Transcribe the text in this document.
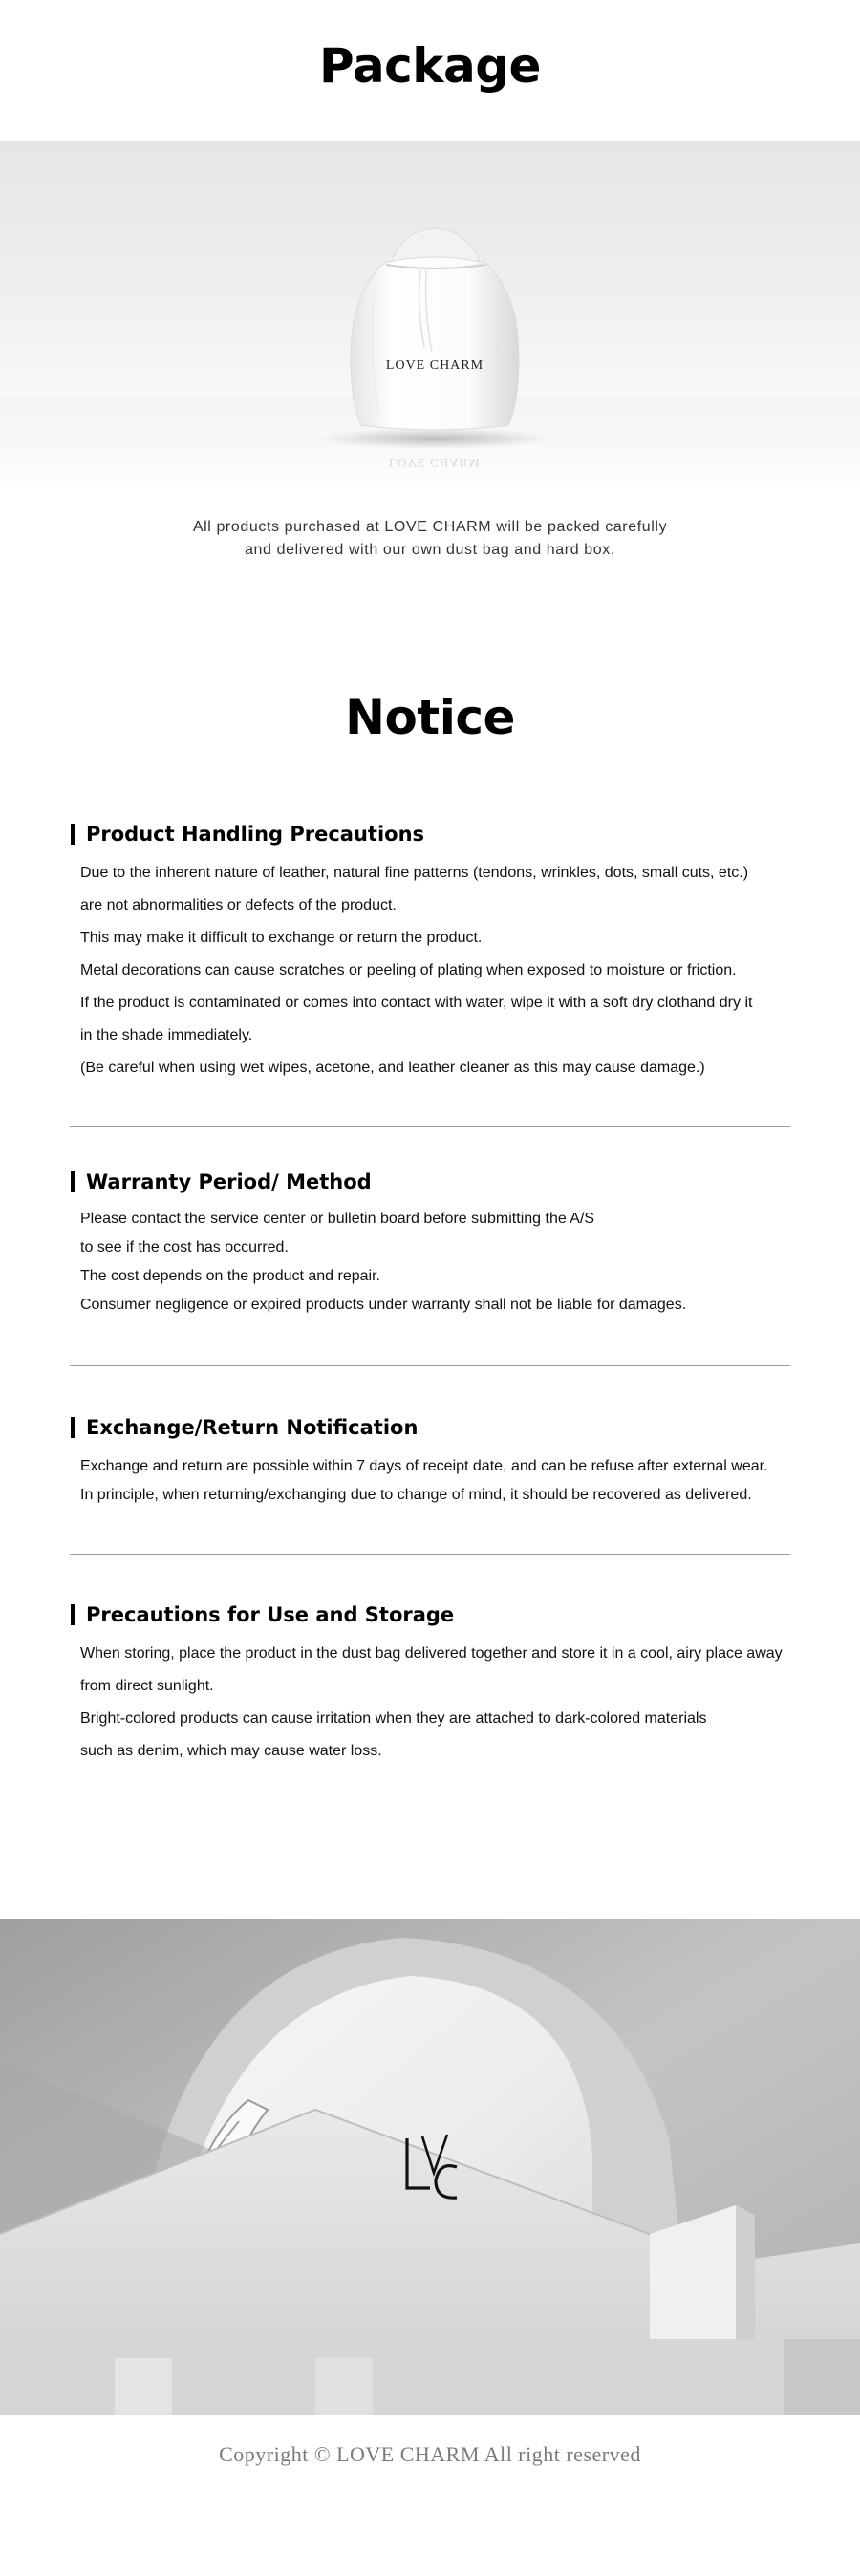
Package
LOVE CHARM
LOVE CHARM
All products purchased at LOVE CHARM will be packed carefully
and delivered with our own dust bag and hard box.
Notice
Product Handling Precautions

Due to the inherent nature of leather, natural fine patterns (tendons, wrinkles, dots, small cuts, etc.)

are not abnormalities or defects of the product.

This may make it difficult to exchange or return the product.

Metal decorations can cause scratches or peeling of plating when exposed to moisture or friction.

If the product is contaminated or comes into contact with water, wipe it with a soft dry clothand dry it

in the shade immediately.

(Be careful when using wet wipes, acetone, and leather cleaner as this may cause damage.)

Warranty Period/ Method

Please contact the service center or bulletin board before submitting the A/S

to see if the cost has occurred.

The cost depends on the product and repair.

Consumer negligence or expired products under warranty shall not be liable for damages.

Exchange/Return Notification

Exchange and return are possible within 7 days of receipt date, and can be refuse after external wear.

In principle, when returning/exchanging due to change of mind, it should be recovered as delivered.

Precautions for Use and Storage

When storing, place the product in the dust bag delivered together and store it in a cool, airy place away

from direct sunlight.

Bright-colored products can cause irritation when they are attached to dark-colored materials

such as denim, which may cause water loss.

Copyright © LOVE CHARM All right reserved
